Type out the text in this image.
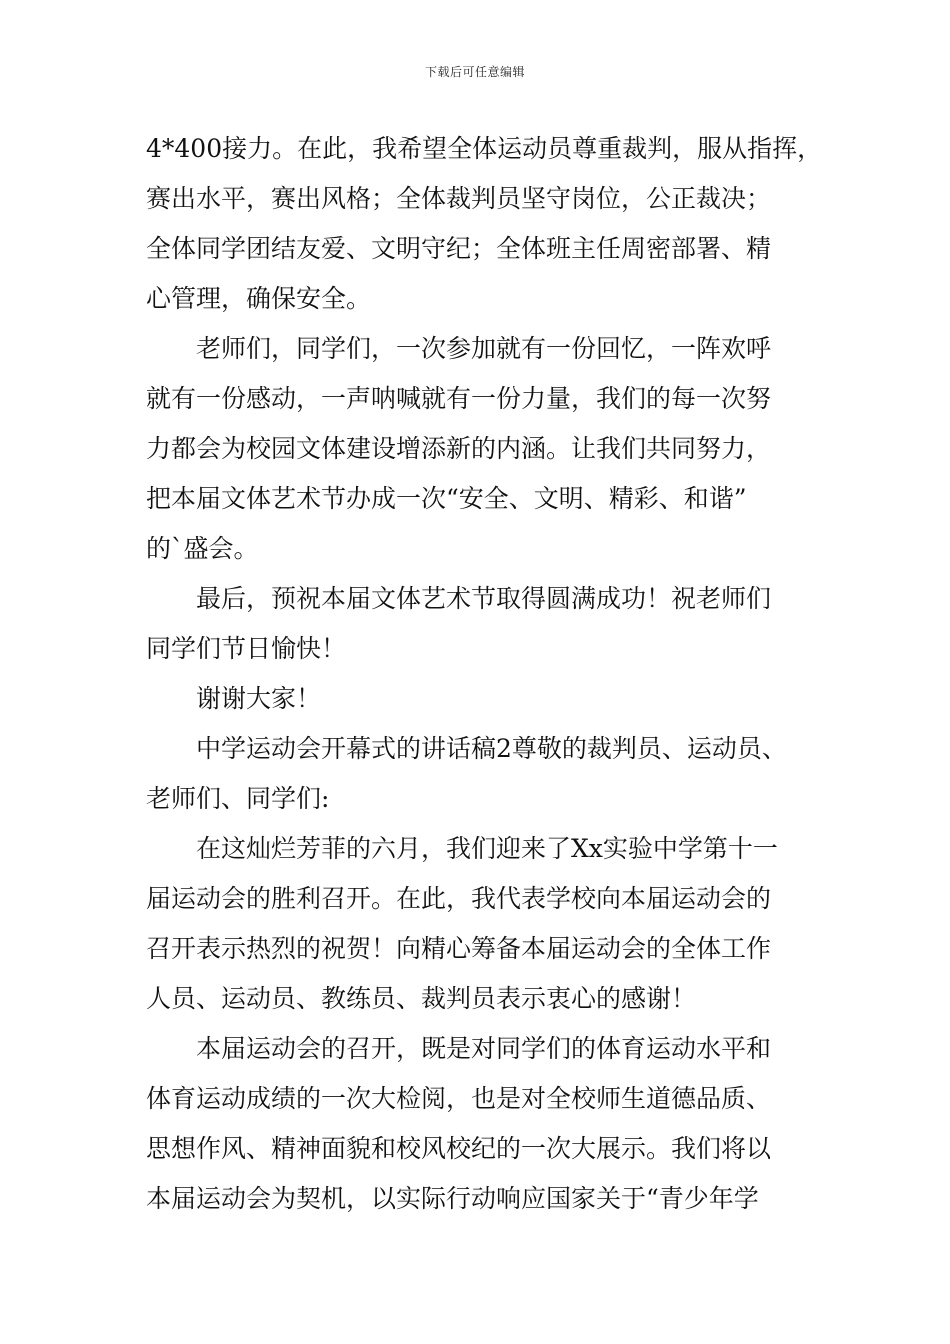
下载后可任意编辑
4*400接力。在此，我希望全体运动员尊重裁判，服从指挥，
赛出水平，赛出风格；全体裁判员坚守岗位，公正裁决；
全体同学团结友爱、文明守纪；全体班主任周密部署、精
心管理，确保安全。
老师们，同学们，一次参加就有一份回忆，一阵欢呼
就有一份感动，一声呐喊就有一份力量，我们的每一次努
力都会为校园文体建设增添新的内涵。让我们共同努力，
把本届文体艺术节办成一次“安全、文明、精彩、和谐”
的`盛会。
最后，预祝本届文体艺术节取得圆满成功！祝老师们
同学们节日愉快！
谢谢大家！
中学运动会开幕式的讲话稿2尊敬的裁判员、运动员、
老师们、同学们:
在这灿烂芳菲的六月，我们迎来了Xx实验中学第十一
届运动会的胜利召开。在此，我代表学校向本届运动会的
召开表示热烈的祝贺！向精心筹备本届运动会的全体工作
人员、运动员、教练员、裁判员表示衷心的感谢！
本届运动会的召开，既是对同学们的体育运动水平和
体育运动成绩的一次大检阅，也是对全校师生道德品质、
思想作风、精神面貌和校风校纪的一次大展示。我们将以
本届运动会为契机，以实际行动响应国家关于“青少年学
